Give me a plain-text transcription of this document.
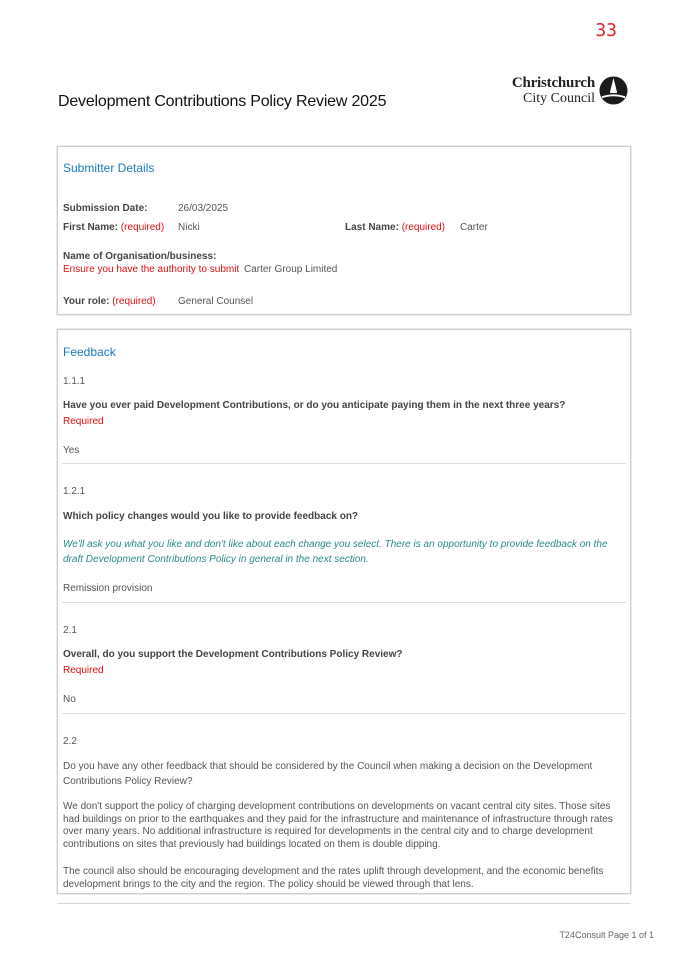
33
Christchurch
City Council
Development Contributions Policy Review 2025
Submitter Details
Submission Date:	26/03/2025
First Name: (required) Nicki	Last Name: (required) Carter
Name of Organisation/business:
Ensure you have the authority to submit Carter Group Limited
Your role: (required) General Counsel
Feedback
1.1.1
Have you ever paid Development Contributions, or do you anticipate paying them in the next three years?
Required
Yes
1.2.1
Which policy changes would you like to provide feedback on?
We'll ask you what you like and don't like about each change you select. There is an opportunity to provide feedback on the draft Development Contributions Policy in general in the next section.
Remission provision
2.1
Overall, do you support the Development Contributions Policy Review?
Required
No
2.2
Do you have any other feedback that should be considered by the Council when making a decision on the Development Contributions Policy Review?
We don't support the policy of charging development contributions on developments on vacant central city sites. Those sites had buildings on prior to the earthquakes and they paid for the infrastructure and maintenance of infrastructure through rates over many years. No additional infrastructure is required for developments in the central city and to charge development contributions on sites that previously had buildings located on them is double dipping.
The council also should be encouraging development and the rates uplift through development, and the economic benefits development brings to the city and the region. The policy should be viewed through that lens.
T24Consult Page 1 of 1
